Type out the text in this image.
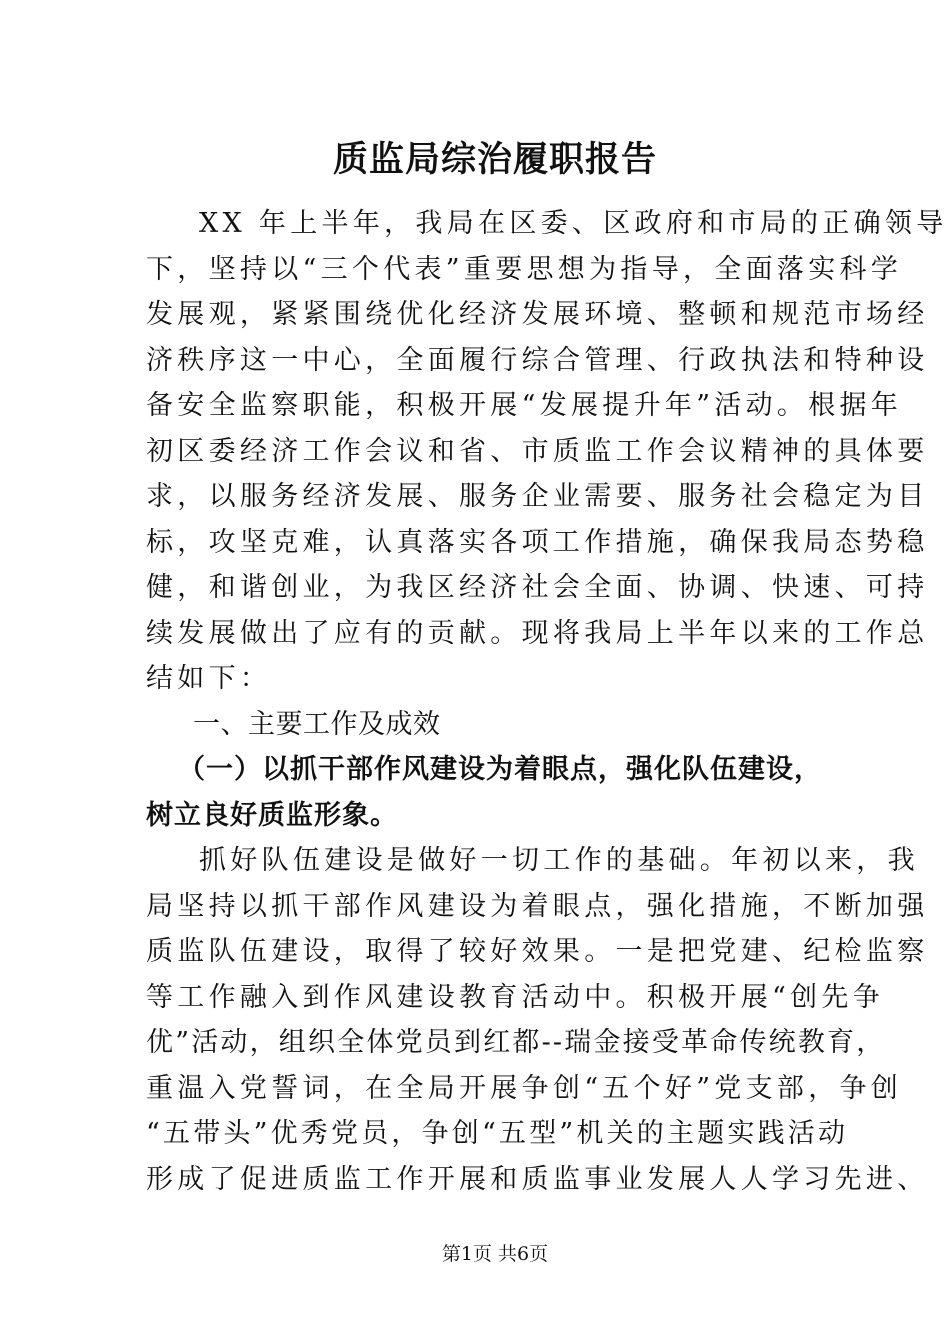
质监局综治履职报告
XX 年上半年，我局在区委、区政府和市局的正确领导
下，坚持以“三个代表”重要思想为指导，全面落实科学
发展观，紧紧围绕优化经济发展环境、整顿和规范市场经
济秩序这一中心，全面履行综合管理、行政执法和特种设
备安全监察职能，积极开展“发展提升年”活动。根据年
初区委经济工作会议和省、市质监工作会议精神的具体要
求，以服务经济发展、服务企业需要、服务社会稳定为目
标，攻坚克难，认真落实各项工作措施，确保我局态势稳
健，和谐创业，为我区经济社会全面、协调、快速、可持
续发展做出了应有的贡献。现将我局上半年以来的工作总
结如下：
一、主要工作及成效
（一）以抓干部作风建设为着眼点，强化队伍建设，
树立良好质监形象。
抓好队伍建设是做好一切工作的基础。年初以来，我
局坚持以抓干部作风建设为着眼点，强化措施，不断加强
质监队伍建设，取得了较好效果。一是把党建、纪检监察
等工作融入到作风建设教育活动中。积极开展“创先争
优”活动，组织全体党员到红都--瑞金接受革命传统教育，
重温入党誓词，在全局开展争创“五个好”党支部，争创
“五带头”优秀党员，争创“五型”机关的主题实践活动
形成了促进质监工作开展和质监事业发展人人学习先进、
第1页 共6页
